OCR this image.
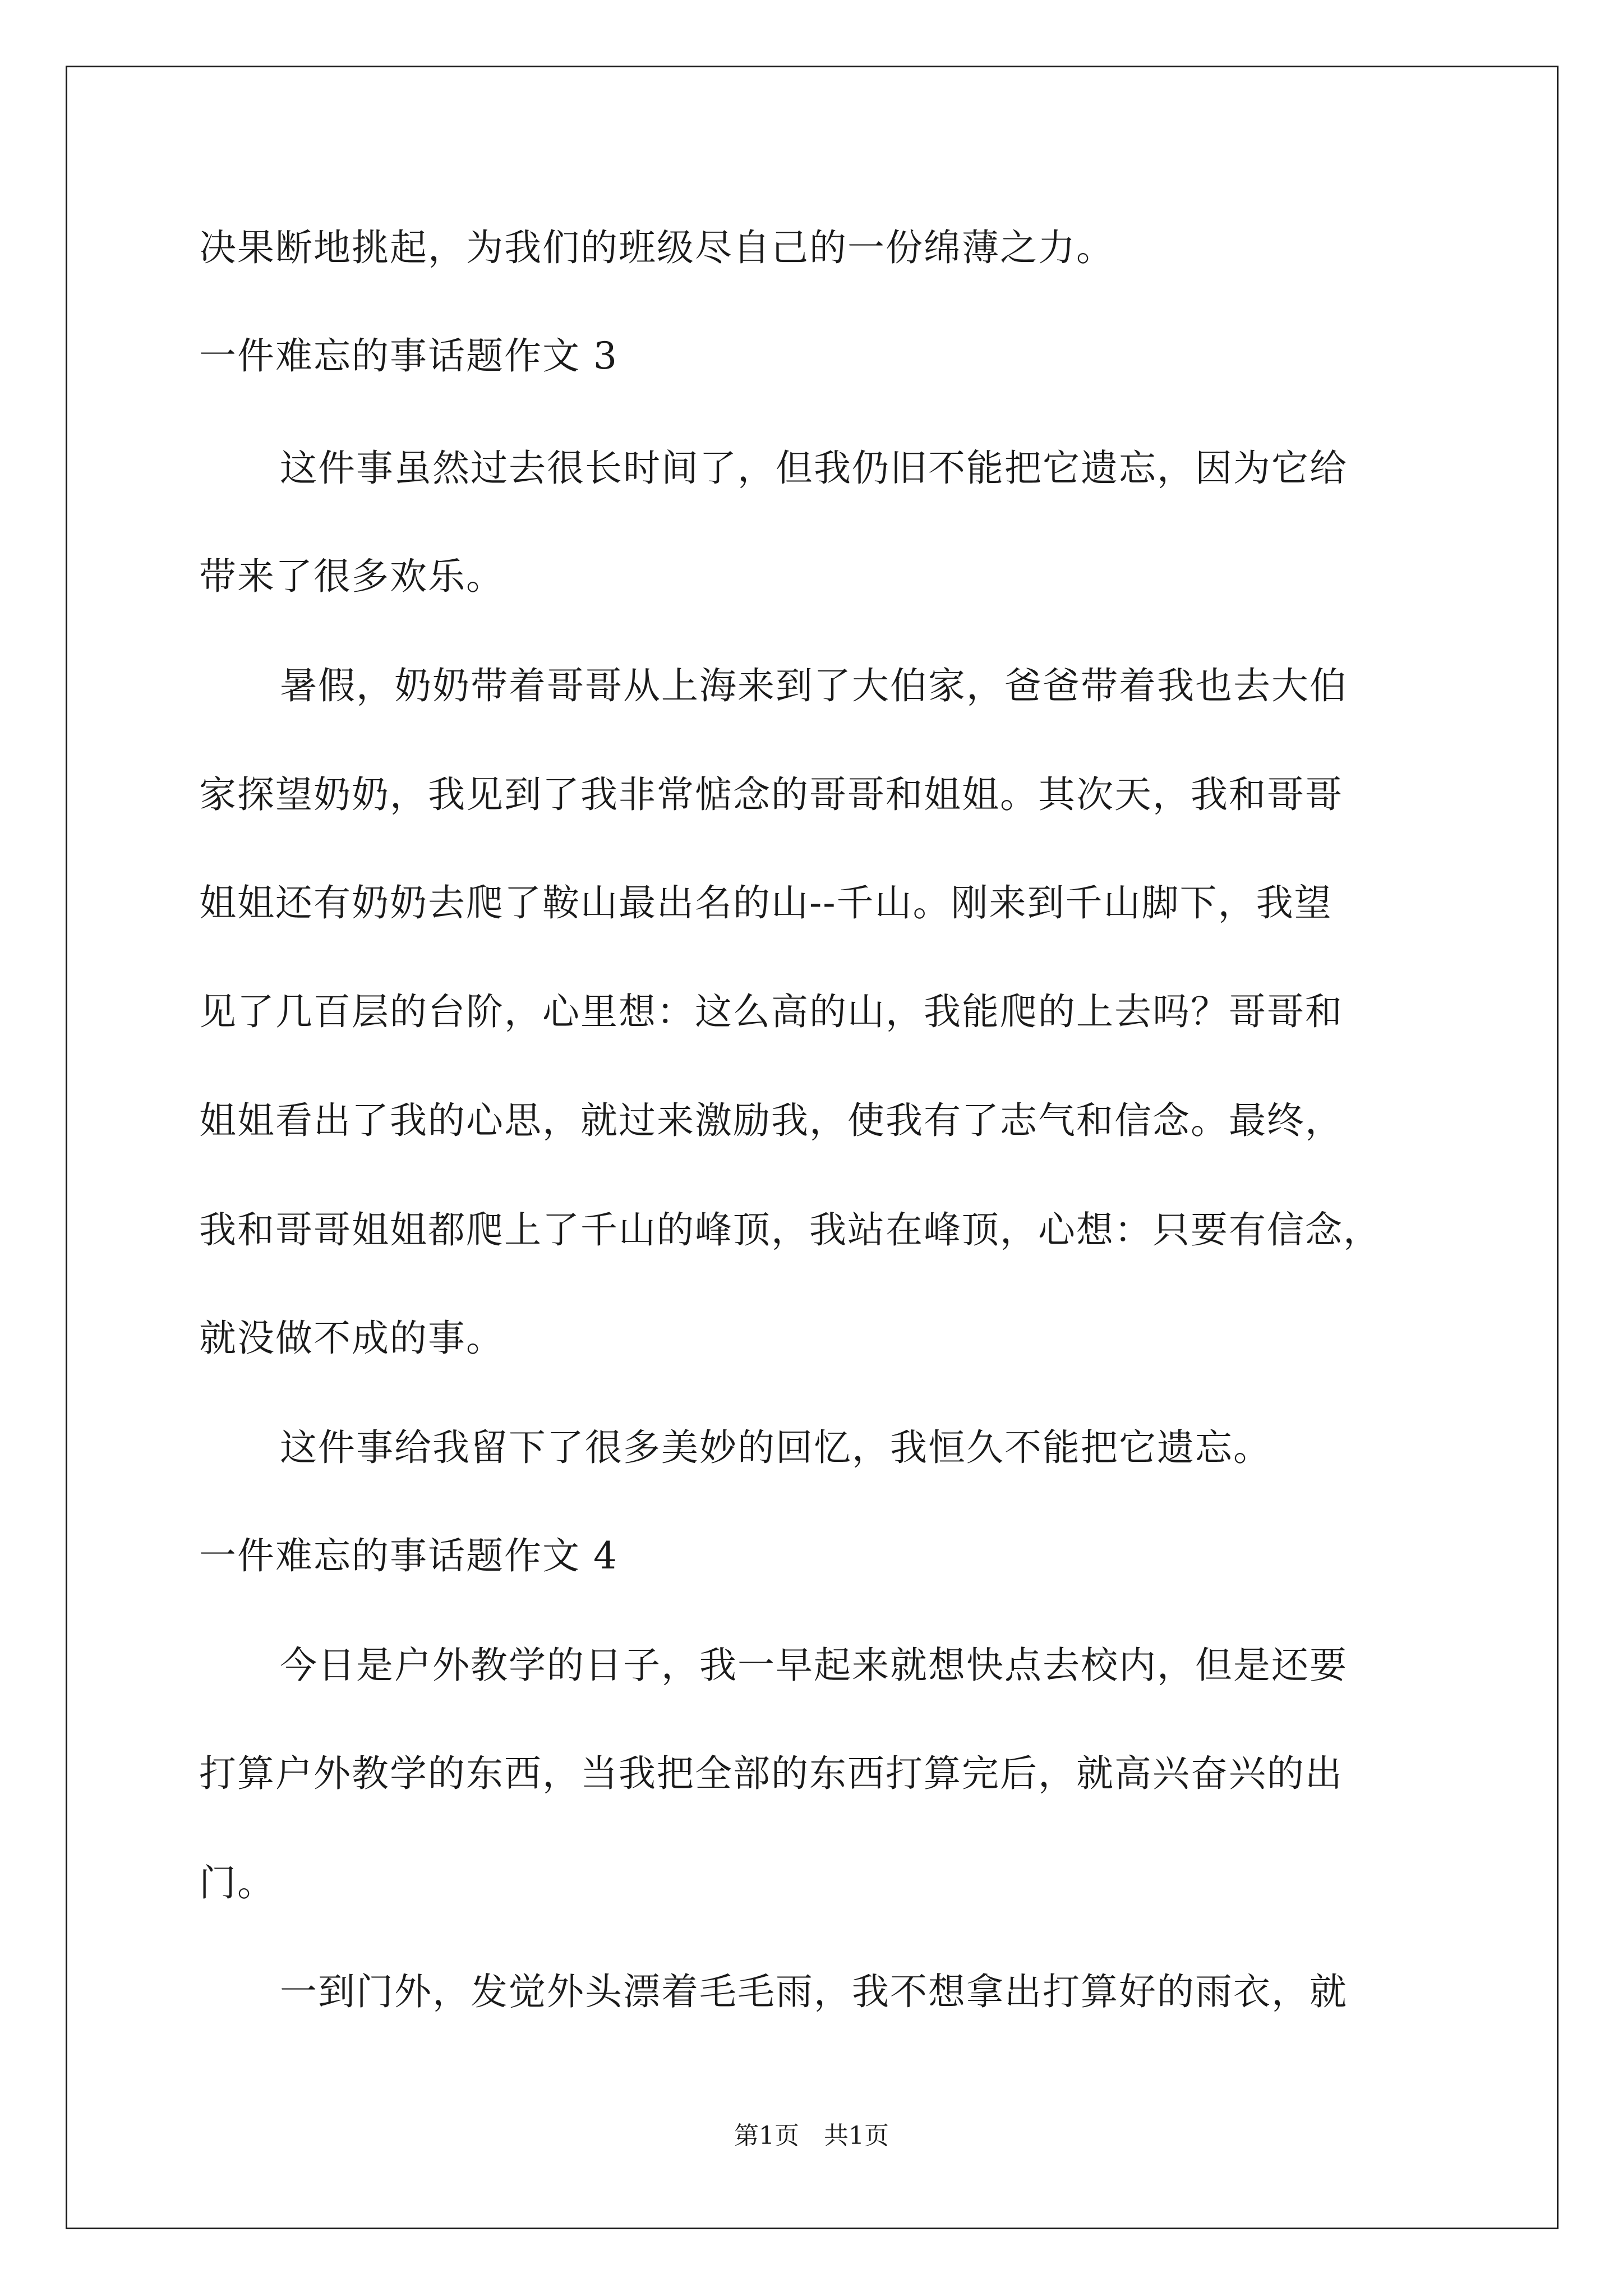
决果断地挑起，为我们的班级尽自己的一份绵薄之力。
一件难忘的事话题作文 3
这件事虽然过去很长时间了，但我仍旧不能把它遗忘，因为它给
带来了很多欢乐。
暑假，奶奶带着哥哥从上海来到了大伯家，爸爸带着我也去大伯
家探望奶奶，我见到了我非常惦念的哥哥和姐姐。其次天，我和哥哥
姐姐还有奶奶去爬了鞍山最出名的山--千山。刚来到千山脚下，我望
见了几百层的台阶，心里想：这么高的山，我能爬的上去吗？哥哥和
姐姐看出了我的心思，就过来激励我，使我有了志气和信念。最终，
我和哥哥姐姐都爬上了千山的峰顶，我站在峰顶，心想：只要有信念，
就没做不成的事。
这件事给我留下了很多美妙的回忆，我恒久不能把它遗忘。
一件难忘的事话题作文 4
今日是户外教学的日子，我一早起来就想快点去校内，但是还要
打算户外教学的东西，当我把全部的东西打算完后，就高兴奋兴的出
门。
一到门外，发觉外头漂着毛毛雨，我不想拿出打算好的雨衣，就
第1页 共1页
